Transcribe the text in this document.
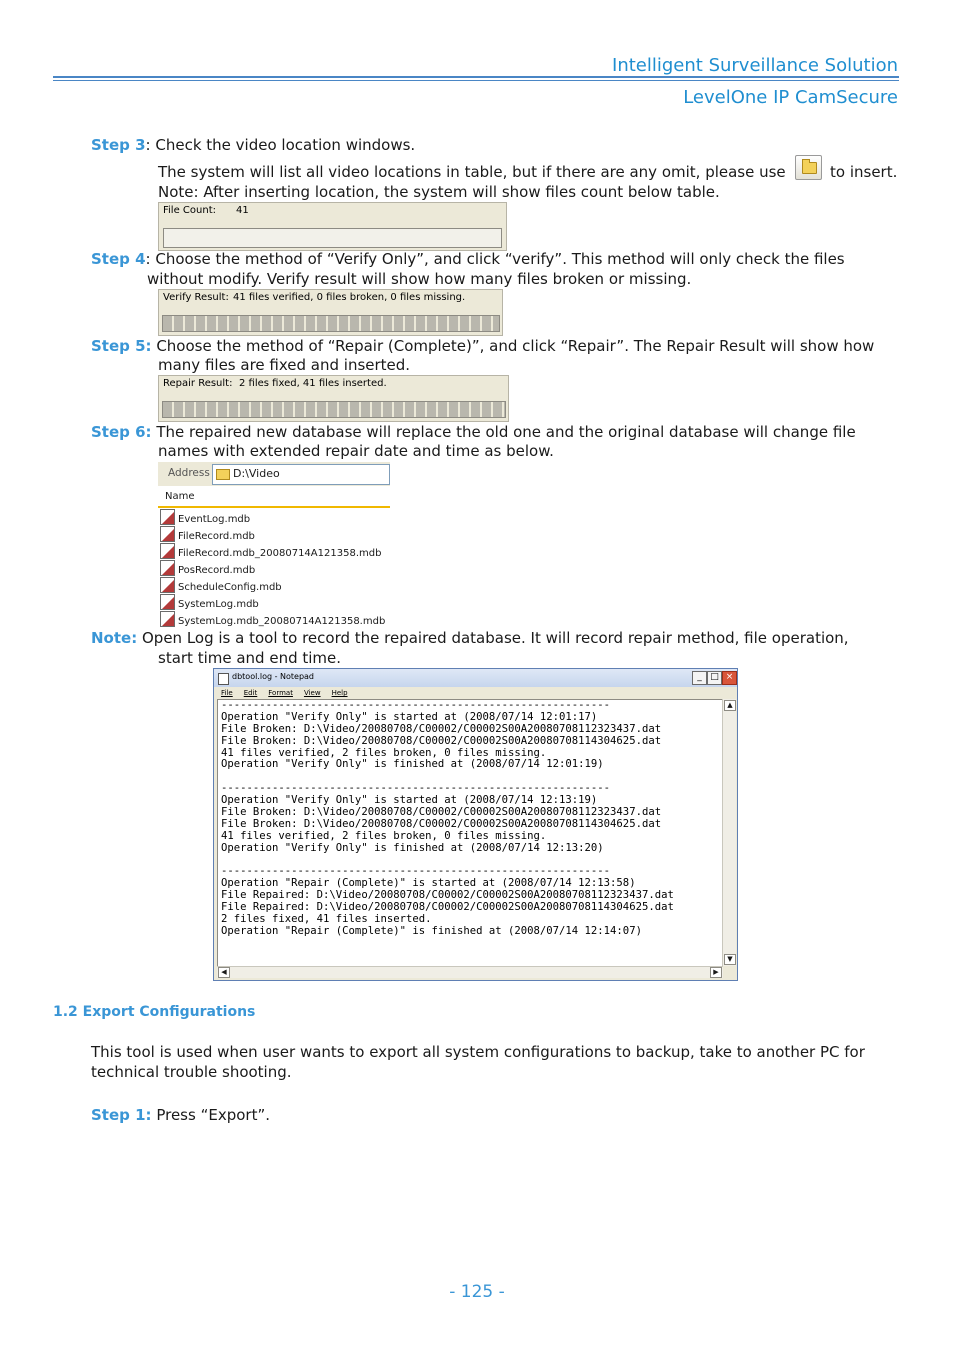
Intelligent Surveillance Solution
LevelOne IP CamSecure
Step 3: Check the video location windows.
The system will list all video locations in table, but if there are any omit, please use	to insert.
Note: After inserting location, the system will show files count below table.
File Count: 41
Step 4: Choose the method of “Verify Only”, and click “verify”. This method will only check the files
without modify. Verify result will show how many files broken or missing.
Verify Result: 41 files verified, 0 files broken, 0 files missing.
Step 5: Choose the method of “Repair (Complete)”, and click “Repair”. The Repair Result will show how
many files are fixed and inserted.
Repair Result: 2 files fixed, 41 files inserted.
Step 6: The repaired new database will replace the old one and the original database will change file
names with extended repair date and time as below.
Address D:\Video
Name
EventLog.mdb
FileRecord.mdb
FileRecord.mdb_20080714A121358.mdb
PosRecord.mdb
ScheduleConfig.mdb
SystemLog.mdb
SystemLog.mdb_20080714A121358.mdb
Note: Open Log is a tool to record the repaired database. It will record repair method, file operation,
start time and end time.
dbtool.log - Notepad	_ □ ×
File Edit Format View Help
-------------------------------------------------------------
Operation "Verify Only" is started at (2008/07/14 12:01:17)
File Broken: D:\Video/20080708/C00002/C00002S00A20080708112323437.dat
File Broken: D:\Video/20080708/C00002/C00002S00A20080708114304625.dat
41 files verified, 2 files broken, 0 files missing.
Operation "Verify Only" is finished at (2008/07/14 12:01:19)
-------------------------------------------------------------
Operation "Verify Only" is started at (2008/07/14 12:13:19)
File Broken: D:\Video/20080708/C00002/C00002S00A20080708112323437.dat
File Broken: D:\Video/20080708/C00002/C00002S00A20080708114304625.dat
41 files verified, 2 files broken, 0 files missing.
Operation "Verify Only" is finished at (2008/07/14 12:13:20)
-------------------------------------------------------------
Operation "Repair (Complete)" is started at (2008/07/14 12:13:58)
File Repaired: D:\Video/20080708/C00002/C00002S00A20080708112323437.dat
File Repaired: D:\Video/20080708/C00002/C00002S00A20080708114304625.dat
2 files fixed, 41 files inserted.
Operation "Repair (Complete)" is finished at (2008/07/14 12:14:07)
▲
▼
◀	▶
1.2 Export Configurations
This tool is used when user wants to export all system configurations to backup, take to another PC for
technical trouble shooting.
Step 1: Press “Export”.
- 125 -
